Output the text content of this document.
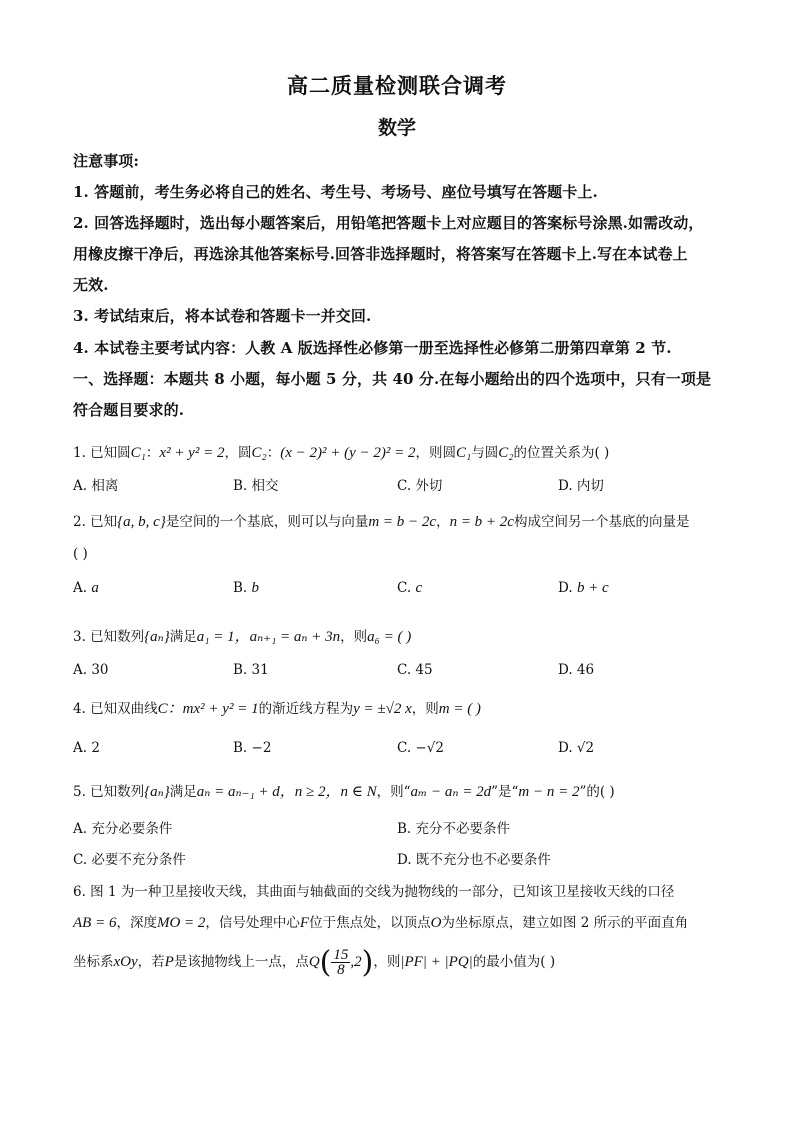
高二质量检测联合调考
数学
注意事项:
1. 答题前，考生务必将自己的姓名、考生号、考场号、座位号填写在答题卡上.
2. 回答选择题时，选出每小题答案后，用铅笔把答题卡上对应题目的答案标号涂黑.如需改动，
用橡皮擦干净后，再选涂其他答案标号.回答非选择题时，将答案写在答题卡上.写在本试卷上
无效.
3. 考试结束后，将本试卷和答题卡一并交回.
4. 本试卷主要考试内容：人教 A 版选择性必修第一册至选择性必修第二册第四章第 2 节.
一、选择题：本题共 8 小题，每小题 5 分，共 40 分.在每小题给出的四个选项中，只有一项是
符合题目要求的.
1. 已知圆C₁：x² + y² = 2，圆C₂：(x − 2)² + (y − 2)² = 2，则圆C₁与圆C₂的位置关系为( )
A. 相离	B. 相交	C. 外切	D. 内切
2. 已知{a, b, c}是空间的一个基底，则可以与向量m = b − 2c，n = b + 2c构成空间另一个基底的向量是
( )
A. a	B. b	C. c	D. b + c
3. 已知数列{aₙ}满足a₁ = 1，aₙ₊₁ = aₙ + 3n，则a₆ = ( )
A. 30	B. 31	C. 45	D. 46
4. 已知双曲线C：mx² + y² = 1的渐近线方程为y = ±√2 x，则m = ( )
A. 2	B. −2	C. −√2	D. √2
5. 已知数列{aₙ}满足aₙ = aₙ₋₁ + d，n ≥ 2，n ∈ N，则“aₘ − aₙ = 2d”是“m − n = 2”的( )
A. 充分必要条件	B. 充分不必要条件
C. 必要不充分条件	D. 既不充分也不必要条件
6. 图 1 为一种卫星接收天线，其曲面与轴截面的交线为抛物线的一部分，已知该卫星接收天线的口径
AB = 6，深度MO = 2，信号处理中心F位于焦点处，以顶点O为坐标原点，建立如图 2 所示的平面直角
坐标系xOy，若P是该抛物线上一点，点$Q( \frac{15}{8} ,2)$，则|PF| + |PQ|的最小值为( )
